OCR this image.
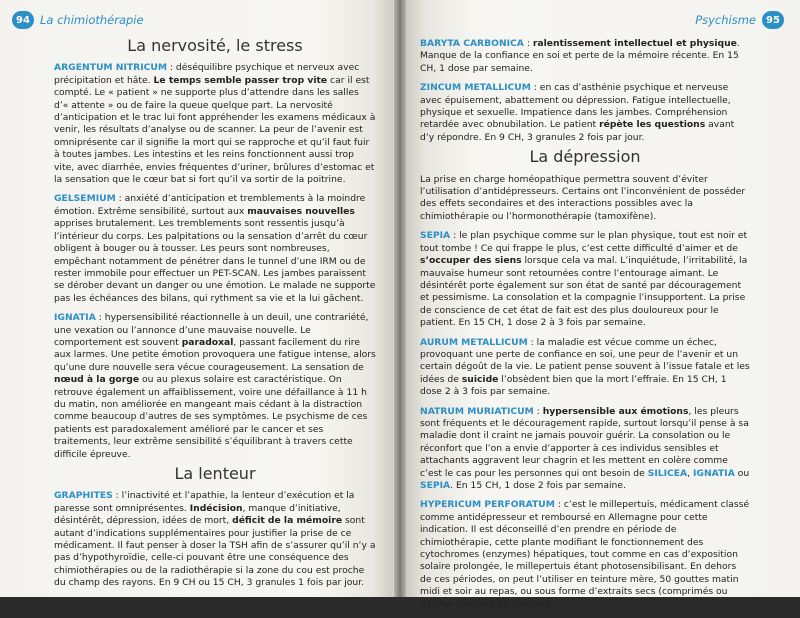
94 La chimiothérapie
La nervosité, le stress

ARGENTUM NITRICUM : déséquilibre psychique et nerveux avec précipitation et hâte. Le temps semble passer trop vite car il est compté. Le « patient » ne supporte plus d’attendre dans les salles d’« attente » ou de faire la queue quelque part. La nervosité d’anticipation et le trac lui font appréhender les examens médicaux à venir, les résultats d’analyse ou de scanner. La peur de l’avenir est omniprésente car il signifie la mort qui se rapproche et qu’il faut fuir à toutes jambes. Les intestins et les reins fonctionnent aussi trop vite, avec diarrhée, envies fréquentes d’uriner, brûlures d’estomac et la sensation que le cœur bat si fort qu’il va sortir de la poitrine.

GELSEMIUM : anxiété d’anticipation et tremblements à la moindre émotion. Extrême sensibilité, surtout aux mauvaises nouvelles apprises brutalement. Les tremblements sont ressentis jusqu’à l’intérieur du corps. Les palpitations ou la sensation d’arrêt du cœur obligent à bouger ou à tousser. Les peurs sont nombreuses, empêchant notamment de pénétrer dans le tunnel d’une IRM ou de rester immobile pour effectuer un PET-SCAN. Les jambes paraissent se dérober devant un danger ou une émotion. Le malade ne supporte pas les échéances des bilans, qui rythment sa vie et la lui gâchent.

IGNATIA : hypersensibilité réactionnelle à un deuil, une contrariété, une vexation ou l’annonce d’une mauvaise nouvelle. Le comportement est souvent paradoxal, passant facilement du rire aux larmes. Une petite émotion provoquera une fatigue intense, alors qu’une dure nouvelle sera vécue courageusement. La sensation de nœud à la gorge ou au plexus solaire est caractéristique. On retrouve également un affaiblissement, voire une défaillance à 11 h du matin, non améliorée en mangeant mais cédant à la distraction comme beaucoup d’autres de ses symptômes. Le psychisme de ces patients est paradoxalement amélioré par le cancer et ses traitements, leur extrême sensibilité s’équilibrant à travers cette difficile épreuve.

La lenteur

GRAPHITES : l’inactivité et l’apathie, la lenteur d’exécution et la paresse sont omniprésentes. Indécision, manque d’initiative, désintérêt, dépression, idées de mort, déficit de la mémoire sont autant d’indications supplémentaires pour justifier la prise de ce médicament. Il faut penser à doser la TSH afin de s’assurer qu’il n’y a pas d’hypothyroïdie, celle-ci pouvant être une conséquence des chimiothérapies ou de la radiothérapie si la zone du cou est proche du champ des rayons. En 9 CH ou 15 CH, 3 granules 1 fois par jour.

Psychisme	95

BARYTA CARBONICA : ralentissement intellectuel et physique. Manque de la confiance en soi et perte de la mémoire récente. En 15 CH, 1 dose par semaine.

ZINCUM METALLICUM : en cas d’asthénie psychique et nerveuse avec épuisement, abattement ou dépression. Fatigue intellectuelle, physique et sexuelle. Impatience dans les jambes. Compréhension retardée avec obnubilation. Le patient répète les questions avant d’y répondre. En 9 CH, 3 granules 2 fois par jour.

La dépression

La prise en charge homéopathique permettra souvent d’éviter l’utilisation d’antidépresseurs. Certains ont l’inconvénient de posséder des effets secondaires et des interactions possibles avec la chimiothérapie ou l’hormonothérapie (tamoxifène).

SEPIA : le plan psychique comme sur le plan physique, tout est noir et tout tombe ! Ce qui frappe le plus, c’est cette difficulté d’aimer et de s’occuper des siens lorsque cela va mal. L’inquiétude, l’irritabilité, la mauvaise humeur sont retournées contre l’entourage aimant. Le désintérêt porte également sur son état de santé par découragement et pessimisme. La consolation et la compagnie l’insupportent. La prise de conscience de cet état de fait est des plus douloureux pour le patient. En 15 CH, 1 dose 2 à 3 fois par semaine.

AURUM METALLICUM : la maladie est vécue comme un échec, provoquant une perte de confiance en soi, une peur de l’avenir et un certain dégoût de la vie. Le patient pense souvent à l’issue fatale et les idées de suicide l’obsèdent bien que la mort l’effraie. En 15 CH, 1 dose 2 à 3 fois par semaine.

NATRUM MURIATICUM : hypersensible aux émotions, les pleurs sont fréquents et le découragement rapide, surtout lorsqu’il pense à sa maladie dont il craint ne jamais pouvoir guérir. La consolation ou le réconfort que l’on a envie d’apporter à ces individus sensibles et attachants aggravent leur chagrin et les mettent en colère comme c’est le cas pour les personnes qui ont besoin de SILICEA, IGNATIA ou SEPIA. En 15 CH, 1 dose 2 fois par semaine.

HYPERICUM PERFORATUM : c’est le millepertuis, médicament classé comme antidépresseur et remboursé en Allemagne pour cette indication. Il est déconseillé d’en prendre en période de chimiothérapie, cette plante modifiant le fonctionnement des cytochromes (enzymes) hépatiques, tout comme en cas d’exposition solaire prolongée, le millepertuis étant photosensibilisant. En dehors de ces périodes, on peut l’utiliser en teinture mère, 50 gouttes matin midi et soir au repas, ou sous forme d’extraits secs (comprimés ou gélules d’extrait de plantes).
